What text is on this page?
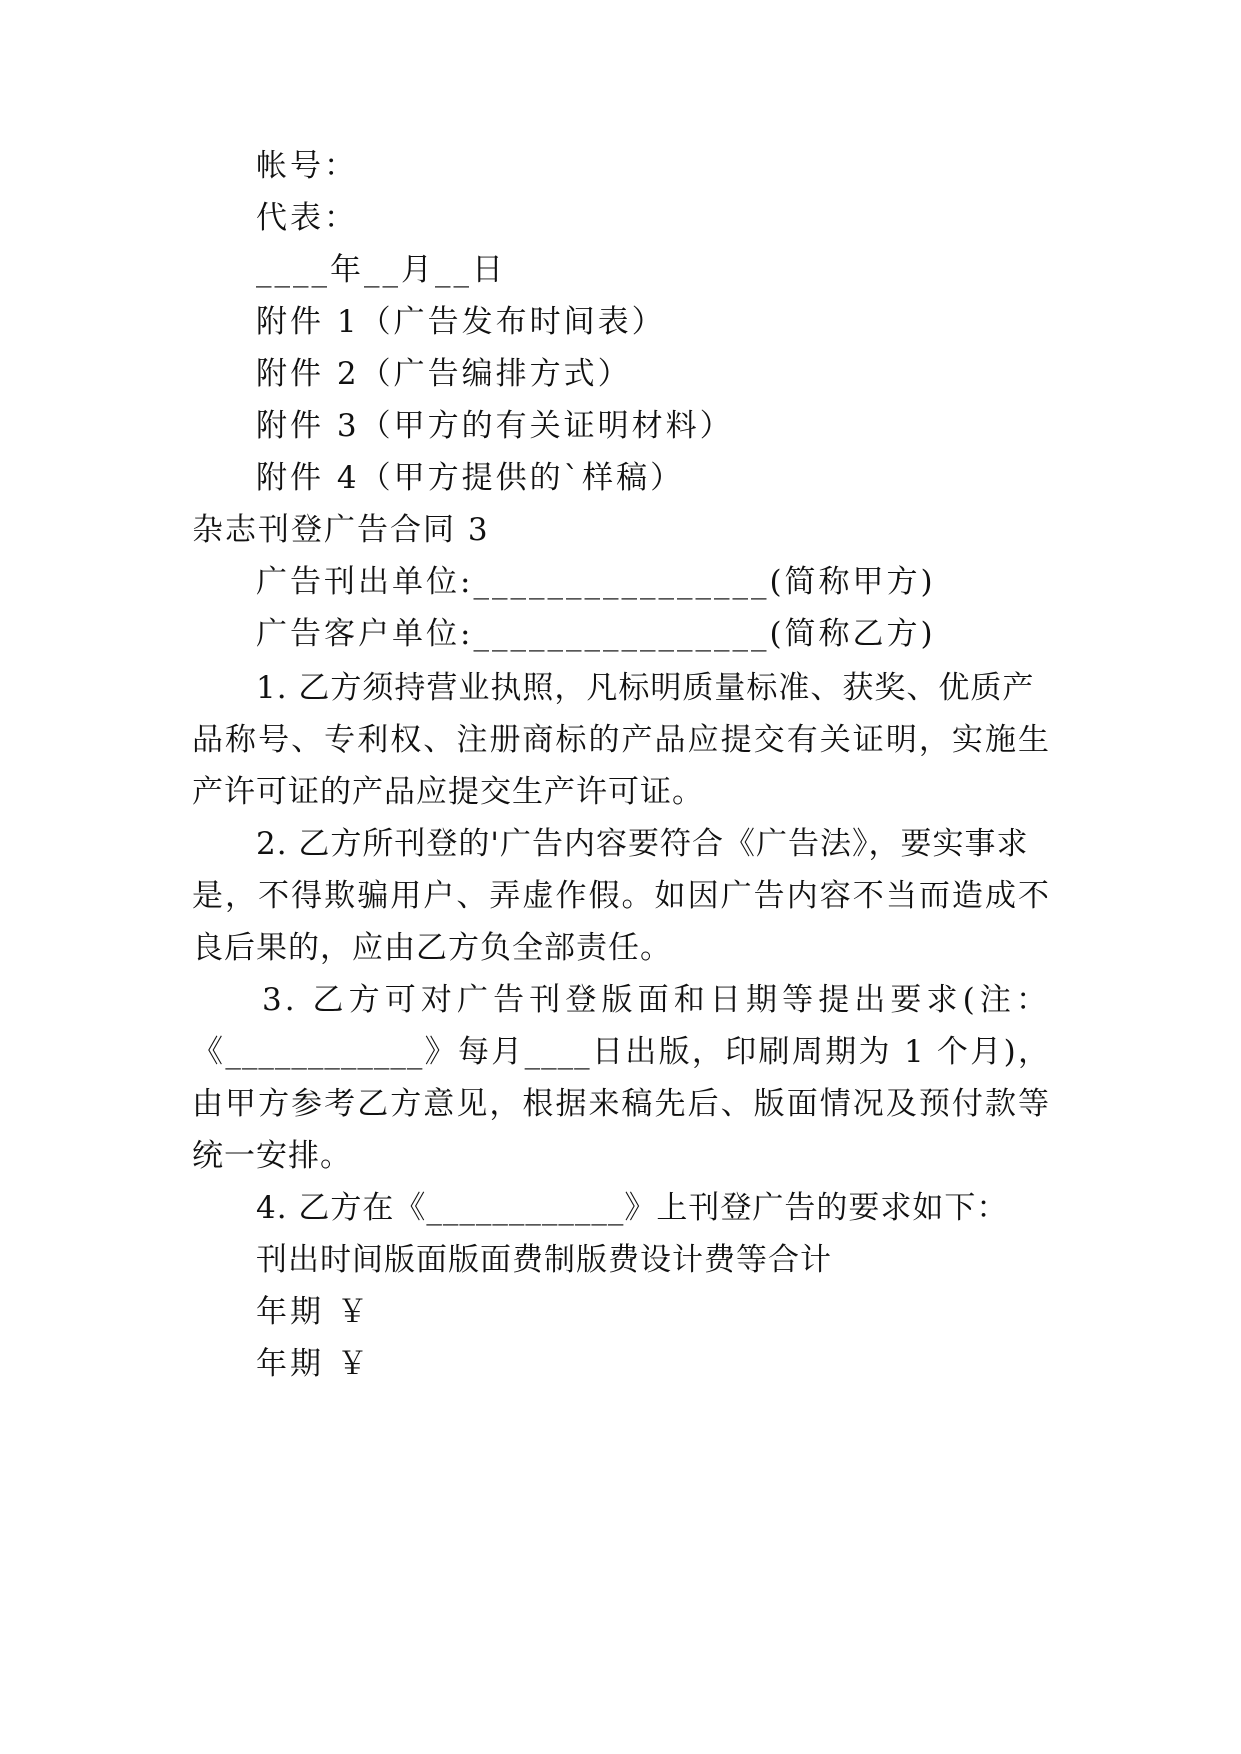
帐号：
代表：
____年__月__日
附件 1（广告发布时间表）
附件 2（广告编排方式）
附件 3（甲方的有关证明材料）
附件 4（甲方提供的`样稿）
杂志刊登广告合同 3
广告刊出单位:________________(简称甲方)
广告客户单位:________________(简称乙方)
1. 乙方须持营业执照，凡标明质量标准、获奖、优质产
品称号、专利权、注册商标的产品应提交有关证明，实施生
产许可证的产品应提交生产许可证。
2. 乙方所刊登的'广告内容要符合《广告法》，要实事求
是，不得欺骗用户、弄虚作假。如因广告内容不当而造成不
良后果的，应由乙方负全部责任。
3. 乙方可对广告刊登版面和日期等提出要求(注：
《____________》每月____日出版，印刷周期为 1 个月)，
由甲方参考乙方意见，根据来稿先后、版面情况及预付款等
统一安排。
4. 乙方在《____________》上刊登广告的要求如下：
刊出时间版面版面费制版费设计费等合计
年期 ￥
年期 ￥
